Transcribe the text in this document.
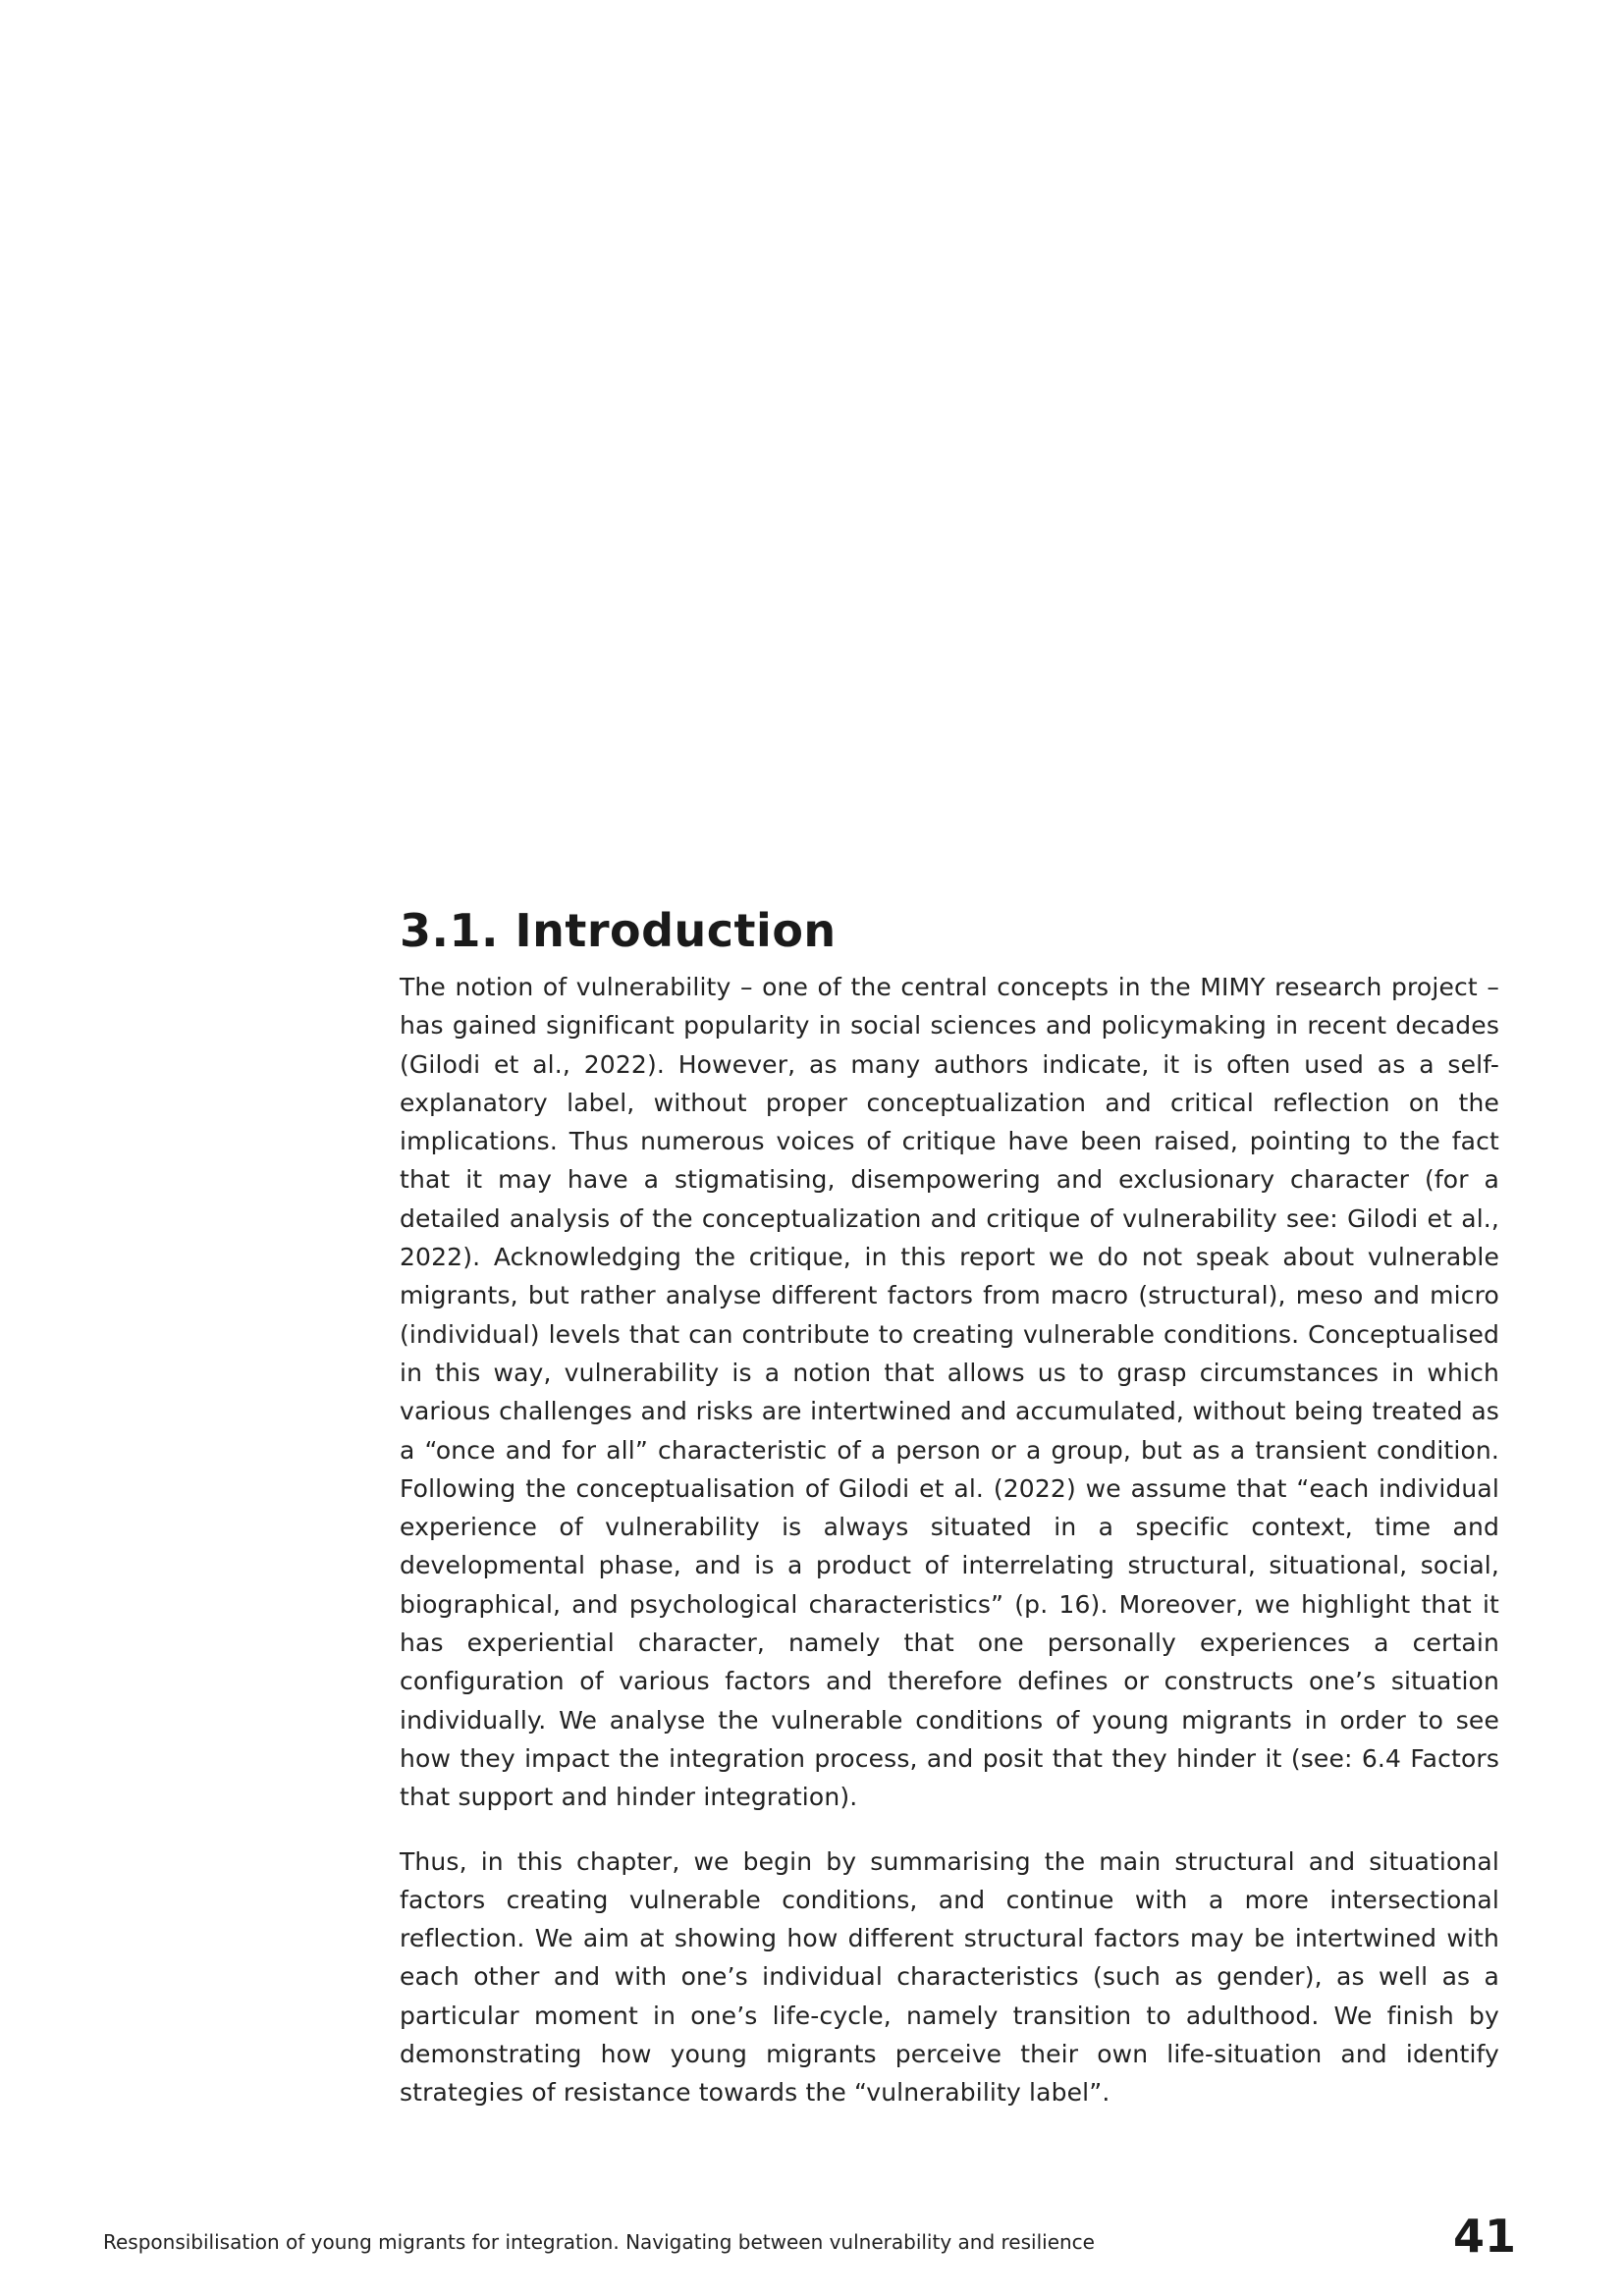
3.1. Introduction

The notion of vulnerability – one of the central concepts in the MIMY research project – has gained significant popularity in social sciences and policymaking in recent decades (Gilodi et al., 2022). However, as many authors indicate, it is often used as a self-explanatory label, without proper conceptualization and critical reflection on the implications. Thus numerous voices of critique have been raised, pointing to the fact that it may have a stigmatising, disempowering and exclusionary character (for a detailed analysis of the conceptualization and critique of vulnerability see: Gilodi et al., 2022). Acknowledging the critique, in this report we do not speak about vulnerable migrants, but rather analyse different factors from macro (structural), meso and micro (individual) levels that can contribute to creating vulnerable conditions. Conceptualised in this way, vulnerability is a notion that allows us to grasp circumstances in which various challenges and risks are intertwined and accumulated, without being treated as a “once and for all” characteristic of a person or a group, but as a transient condition. Following the conceptualisation of Gilodi et al. (2022) we assume that “each individual experience of vulnerability is always situated in a specific context, time and developmental phase, and is a product of interrelating structural, situational, social, biographical, and psychological characteristics” (p. 16). Moreover, we highlight that it has experiential character, namely that one personally experiences a certain configuration of various factors and therefore defines or constructs one’s situation individually. We analyse the vulnerable conditions of young migrants in order to see how they impact the integration process, and posit that they hinder it (see: 6.4 Factors that support and hinder integration).

Thus, in this chapter, we begin by summarising the main structural and situational factors creating vulnerable conditions, and continue with a more intersectional reflection. We aim at showing how different structural factors may be intertwined with each other and with one’s individual characteristics (such as gender), as well as a particular moment in one’s life-cycle, namely transition to adulthood. We finish by demonstrating how young migrants perceive their own life-situation and identify strategies of resistance towards the “vulnerability label”.

Responsibilisation of young migrants for integration. Navigating between vulnerability and resilience	41
